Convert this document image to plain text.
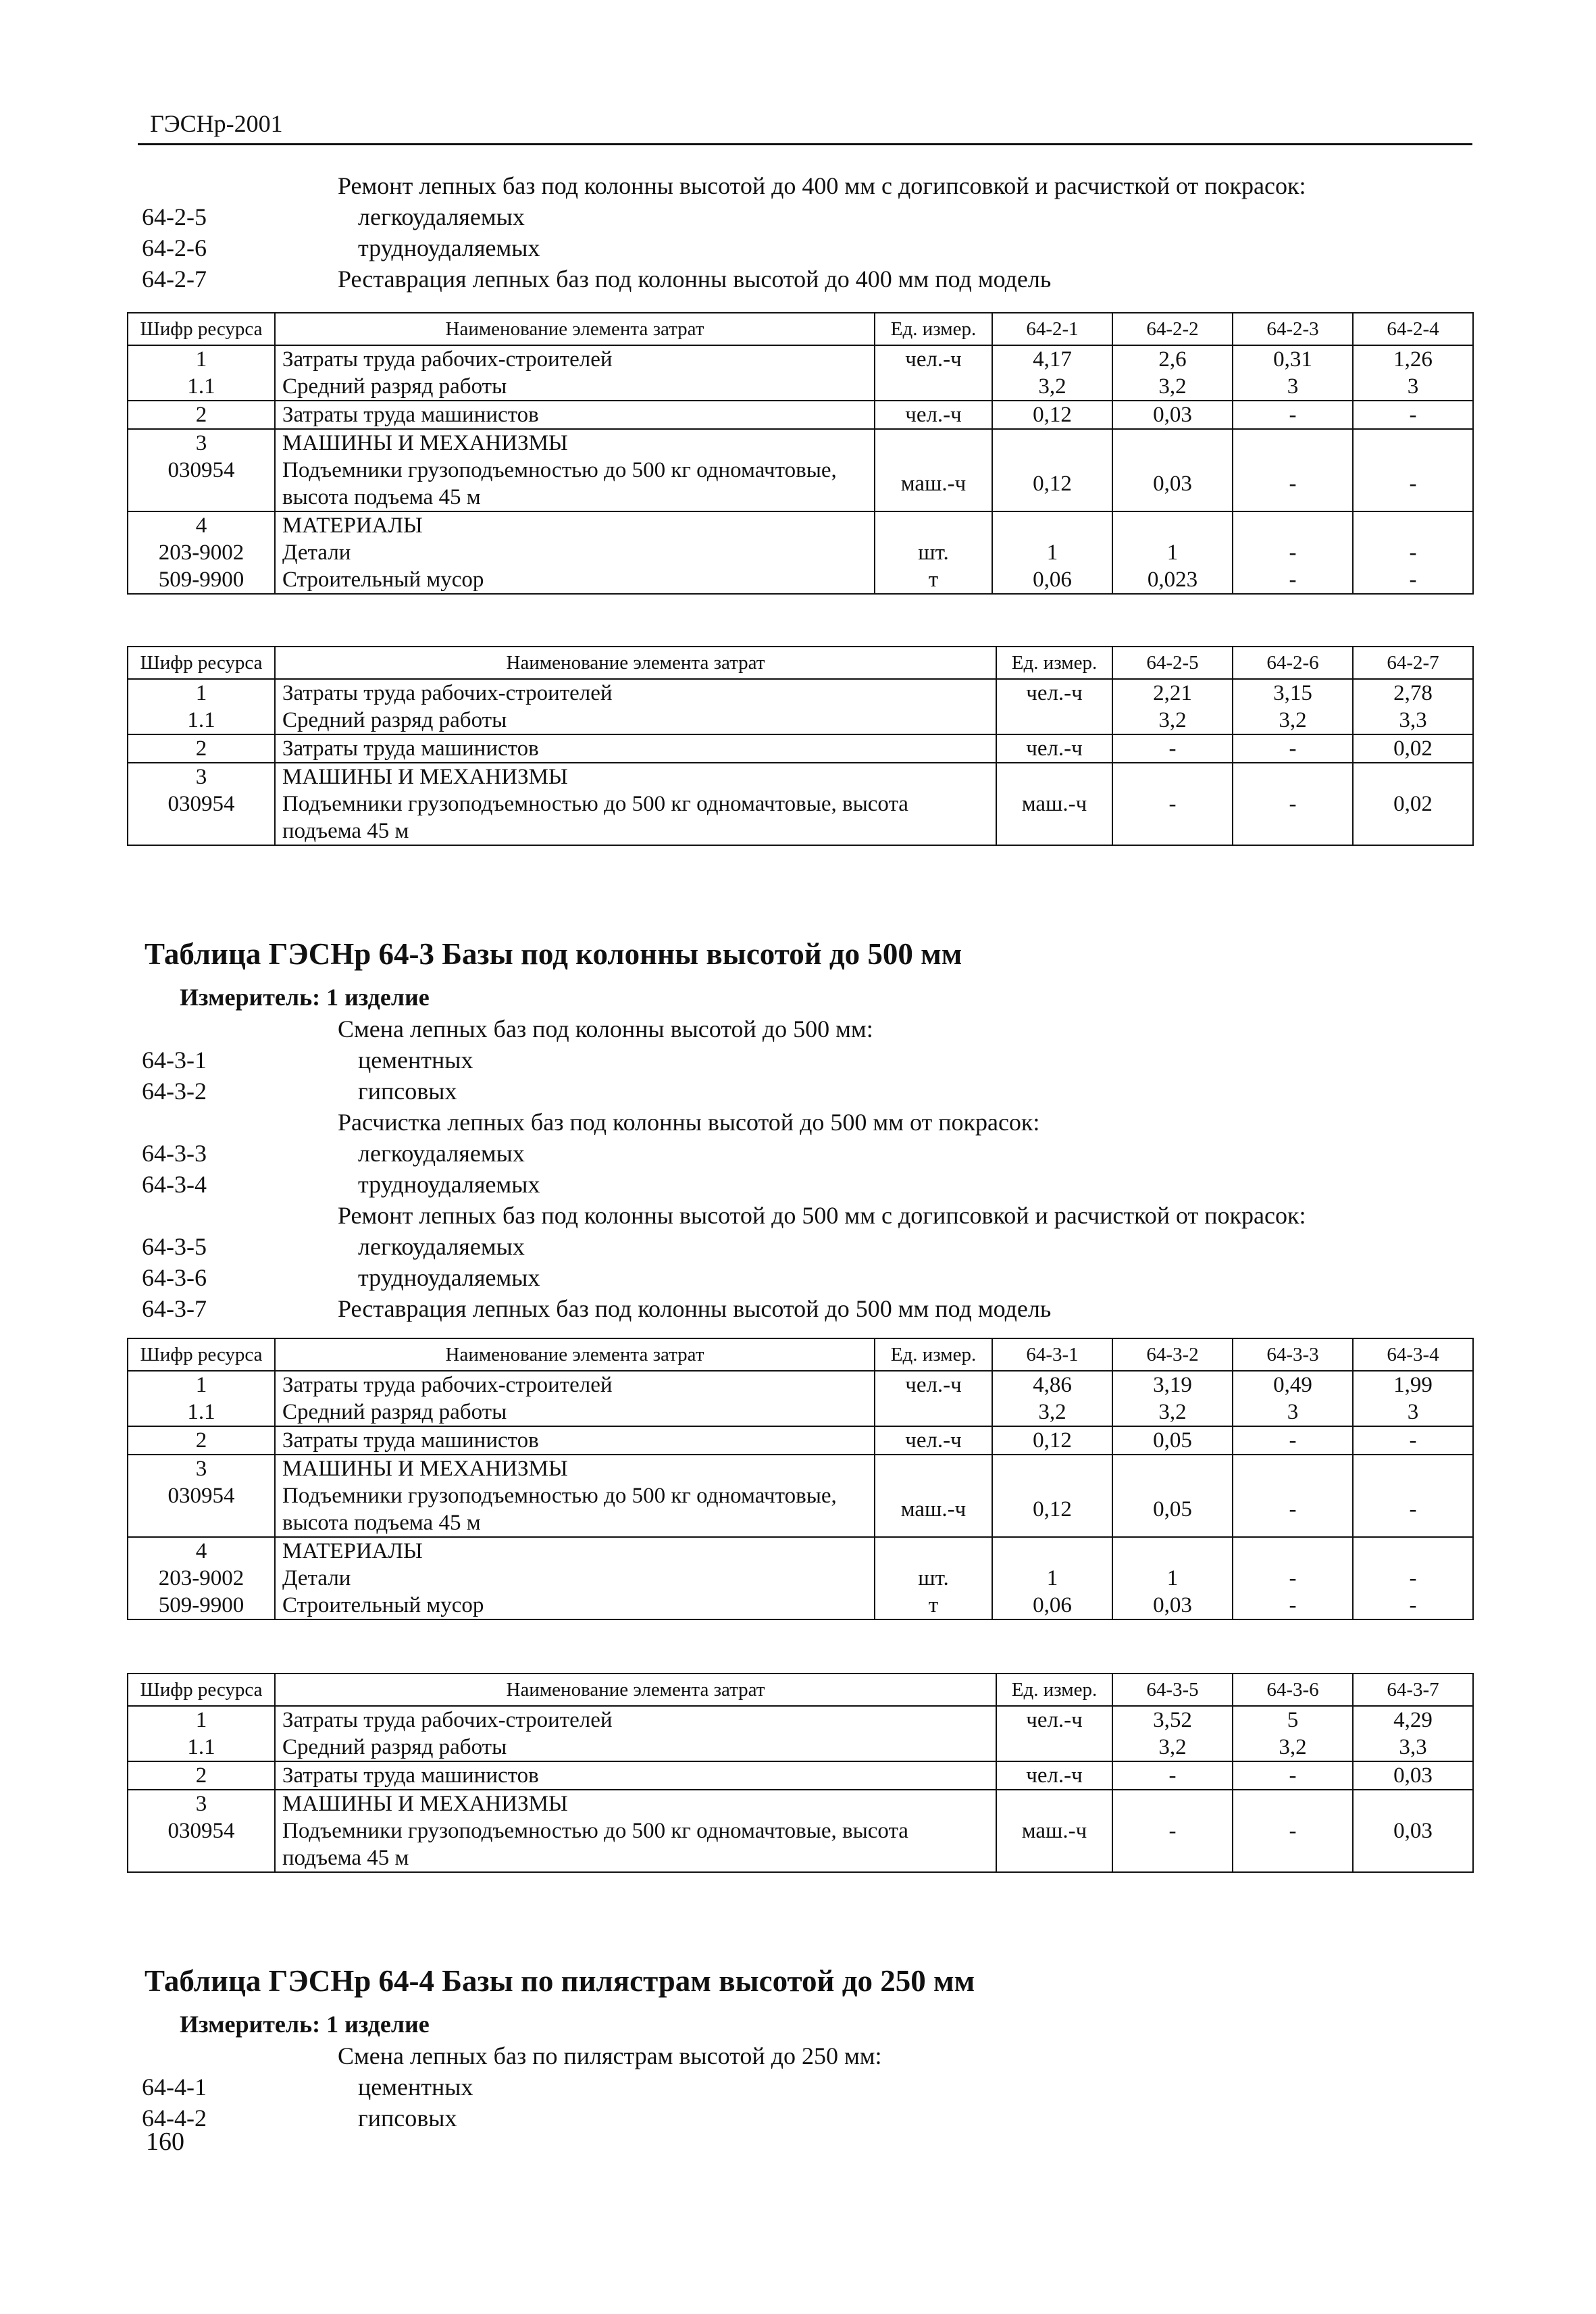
ГЭСНр-2001
Ремонт лепных баз под колонны высотой до 400 мм с догипсовкой и расчисткой от покрасок:
64-2-5	легкоудаляемых
64-2-6	трудноудаляемых
64-2-7	Реставрация лепных баз под колонны высотой до 400 мм под модель
Шифр ресурса	Наименование элемента затрат	Ед. измер.	64-2-1	64-2-2	64-2-3	64-2-4
1	Затраты труда рабочих-строителей	чел.-ч	4,17	2,6	0,31	1,26
1.1	Средний разряд работы		3,2	3,2	3	3
2	Затраты труда машинистов	чел.-ч	0,12	0,03	-	-
3	МАШИНЫ И МЕХАНИЗМЫ					
030954	Подъемники грузоподъемностью до 500 кг одномачтовые, высота подъема 45 м	маш.-ч	0,12	0,03	-	-
4	МАТЕРИАЛЫ					
203-9002	Детали	шт.	1	1	-	-
509-9900	Строительный мусор	т	0,06	0,023	-	-
Шифр ресурса	Наименование элемента затрат	Ед. измер.	64-2-5	64-2-6	64-2-7
1	Затраты труда рабочих-строителей	чел.-ч	2,21	3,15	2,78
1.1	Средний разряд работы		3,2	3,2	3,3
2	Затраты труда машинистов	чел.-ч	-	-	0,02
3	МАШИНЫ И МЕХАНИЗМЫ				
030954	Подъемники грузоподъемностью до 500 кг одномачтовые, высота подъема 45 м	маш.-ч	-	-	0,02
Таблица ГЭСНр 64-3 Базы под колонны высотой до 500 мм
Измеритель: 1 изделие
Смена лепных баз под колонны высотой до 500 мм:
64-3-1	цементных
64-3-2	гипсовых
Расчистка лепных баз под колонны высотой до 500 мм от покрасок:
64-3-3	легкоудаляемых
64-3-4	трудноудаляемых
Ремонт лепных баз под колонны высотой до 500 мм с догипсовкой и расчисткой от покрасок:
64-3-5	легкоудаляемых
64-3-6	трудноудаляемых
64-3-7	Реставрация лепных баз под колонны высотой до 500 мм под модель
Шифр ресурса	Наименование элемента затрат	Ед. измер.	64-3-1	64-3-2	64-3-3	64-3-4
1	Затраты труда рабочих-строителей	чел.-ч	4,86	3,19	0,49	1,99
1.1	Средний разряд работы		3,2	3,2	3	3
2	Затраты труда машинистов	чел.-ч	0,12	0,05	-	-
3	МАШИНЫ И МЕХАНИЗМЫ					
030954	Подъемники грузоподъемностью до 500 кг одномачтовые, высота подъема 45 м	маш.-ч	0,12	0,05	-	-
4	МАТЕРИАЛЫ					
203-9002	Детали	шт.	1	1	-	-
509-9900	Строительный мусор	т	0,06	0,03	-	-
Шифр ресурса	Наименование элемента затрат	Ед. измер.	64-3-5	64-3-6	64-3-7
1	Затраты труда рабочих-строителей	чел.-ч	3,52	5	4,29
1.1	Средний разряд работы		3,2	3,2	3,3
2	Затраты труда машинистов	чел.-ч	-	-	0,03
3	МАШИНЫ И МЕХАНИЗМЫ				
030954	Подъемники грузоподъемностью до 500 кг одномачтовые, высота подъема 45 м	маш.-ч	-	-	0,03
Таблица ГЭСНр 64-4 Базы по пилястрам высотой до 250 мм
Измеритель: 1 изделие
Смена лепных баз по пилястрам высотой до 250 мм:
64-4-1	цементных
64-4-2	гипсовых
160
